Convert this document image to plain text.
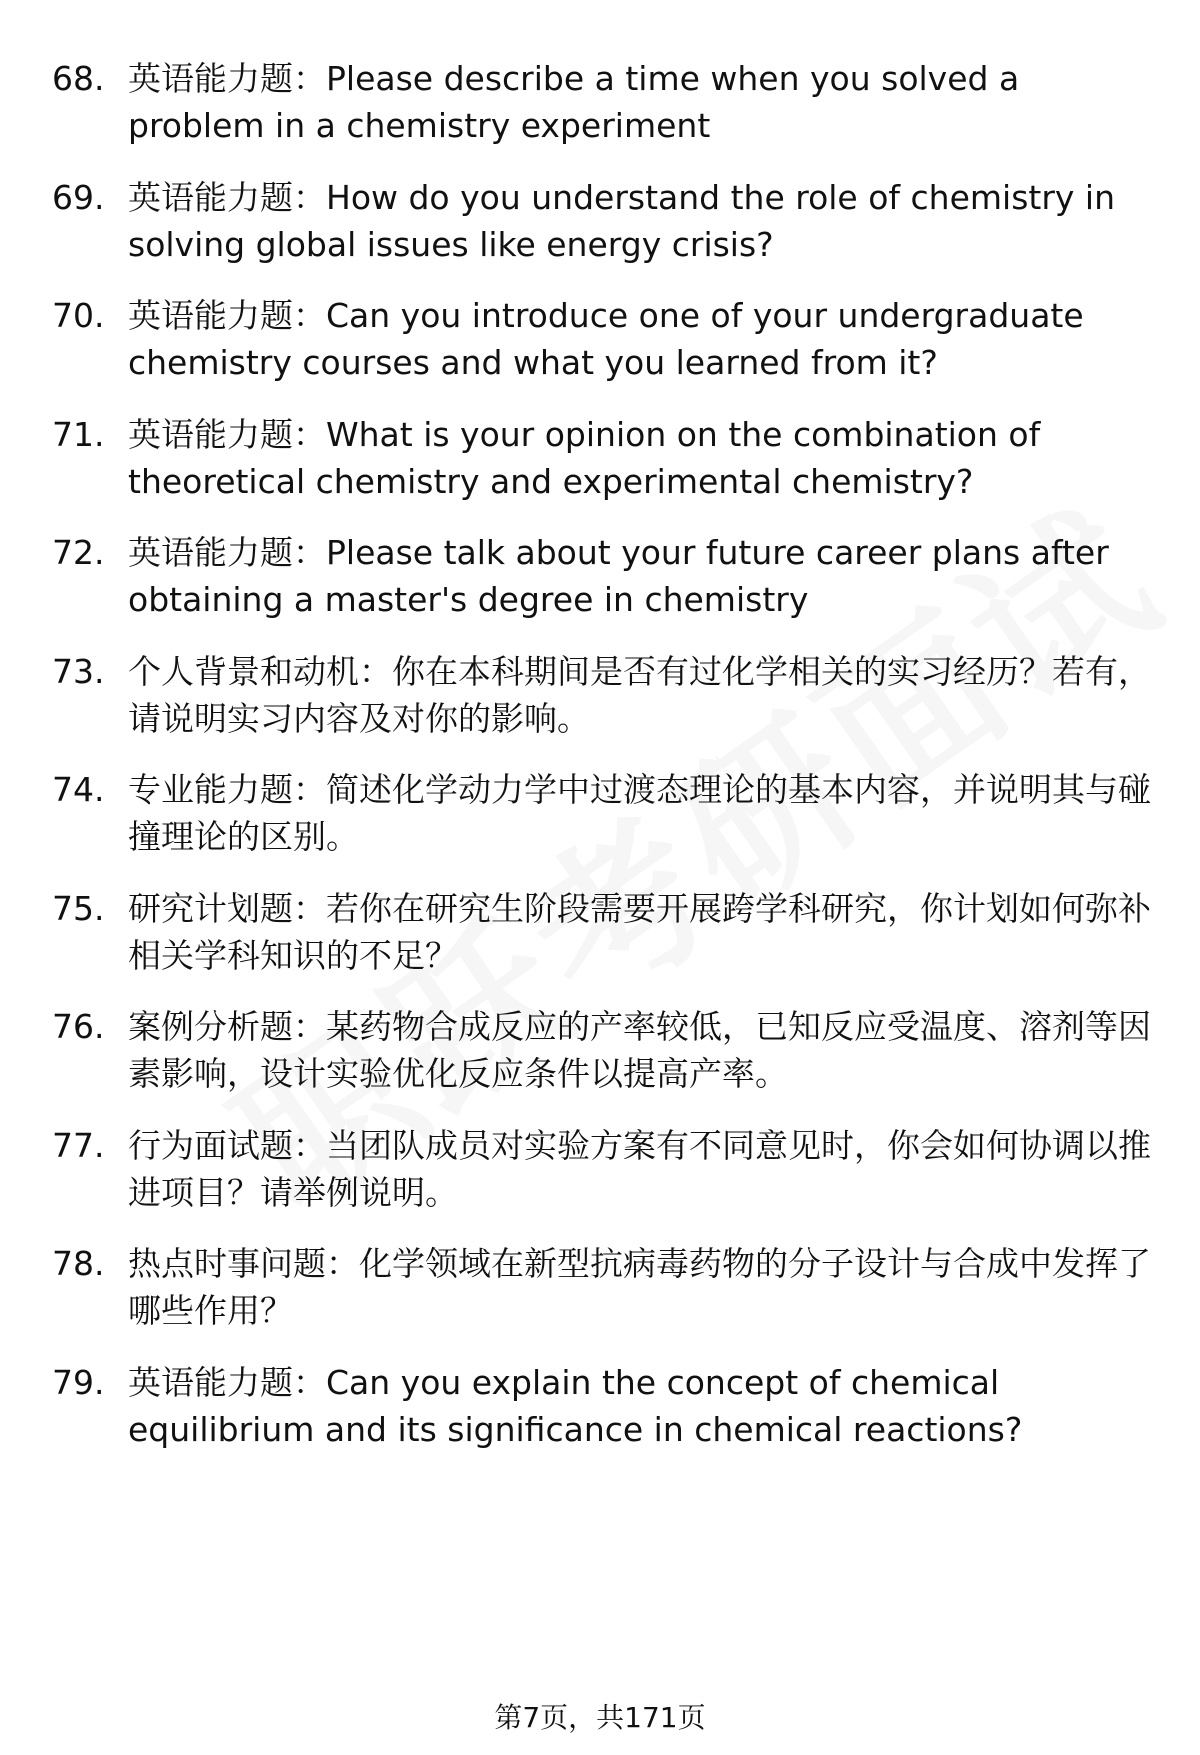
68. 英语能力题：Please describe a time when you solved a problem in a chemistry experiment
69. 英语能力题：How do you understand the role of chemistry in solving global issues like energy crisis?
70. 英语能力题：Can you introduce one of your undergraduate chemistry courses and what you learned from it?
71. 英语能力题：What is your opinion on the combination of theoretical chemistry and experimental chemistry?
72. 英语能力题：Please talk about your future career plans after obtaining a master's degree in chemistry
73. 个人背景和动机：你在本科期间是否有过化学相关的实习经历？若有，请说明实习内容及对你的影响。
74. 专业能力题：简述化学动力学中过渡态理论的基本内容，并说明其与碰撞理论的区别。
75. 研究计划题：若你在研究生阶段需要开展跨学科研究，你计划如何弥补相关学科知识的不足？
76. 案例分析题：某药物合成反应的产率较低，已知反应受温度、溶剂等因素影响，设计实验优化反应条件以提高产率。
77. 行为面试题：当团队成员对实验方案有不同意见时，你会如何协调以推进项目？请举例说明。
78. 热点时事问题：化学领域在新型抗病毒药物的分子设计与合成中发挥了哪些作用？
79. 英语能力题：Can you explain the concept of chemical equilibrium and its significance in chemical reactions?
第7页，共171页
